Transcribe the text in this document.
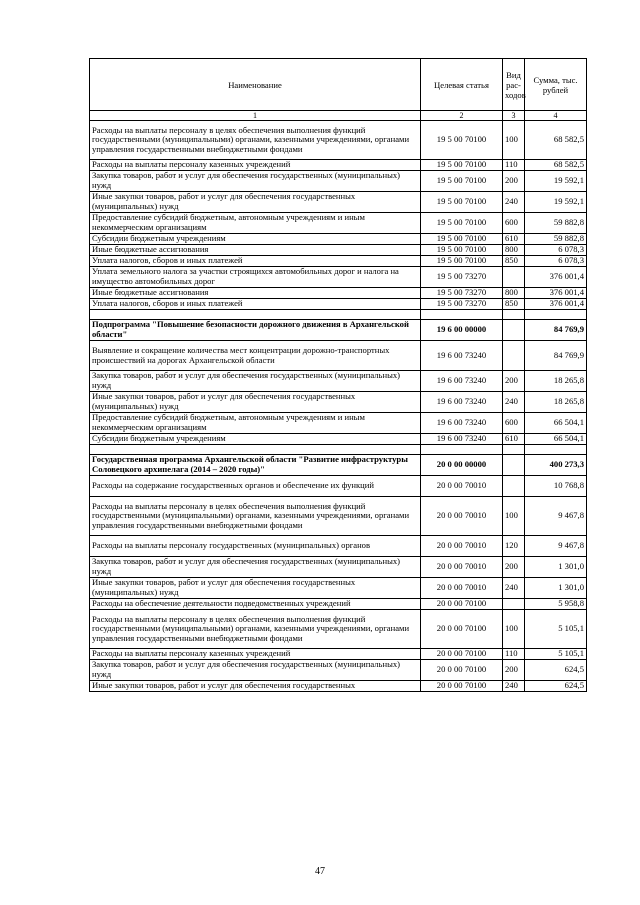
Наименование	Целевая статья	Вид рас-ходов	Сумма, тыс. рублей
1	2	3	4
Расходы на выплаты персоналу в целях обеспечения выполнения функций государственными (муниципальными) органами, казенными учреждениями, органами управления государственными внебюджетными фондами	19 5 00 70100	100	68 582,5
Расходы на выплаты персоналу казенных учреждений	19 5 00 70100	110	68 582,5
Закупка товаров, работ и услуг для обеспечения государственных (муниципальных) нужд	19 5 00 70100	200	19 592,1
Иные закупки товаров, работ и услуг для обеспечения государственных (муниципальных) нужд	19 5 00 70100	240	19 592,1
Предоставление субсидий бюджетным, автономным учреждениям и иным некоммерческим организациям	19 5 00 70100	600	59 882,8
Субсидии бюджетным учреждениям	19 5 00 70100	610	59 882,8
Иные бюджетные ассигнования	19 5 00 70100	800	6 078,3
Уплата налогов, сборов и иных платежей	19 5 00 70100	850	6 078,3
Уплата земельного налога за участки строящихся автомобильных дорог и налога на имущество автомобильных дорог	19 5 00 73270		376 001,4
Иные бюджетные ассигнования	19 5 00 73270	800	376 001,4
Уплата налогов, сборов и иных платежей	19 5 00 73270	850	376 001,4

Подпрограмма "Повышение безопасности дорожного движения в Архангельской области"	19 6 00 00000		84 769,9
Выявление и сокращение количества мест концентрации дорожно-транспортных происшествий на дорогах Архангельской области	19 6 00 73240		84 769,9
Закупка товаров, работ и услуг для обеспечения государственных (муниципальных) нужд	19 6 00 73240	200	18 265,8
Иные закупки товаров, работ и услуг для обеспечения государственных (муниципальных) нужд	19 6 00 73240	240	18 265,8
Предоставление субсидий бюджетным, автономным учреждениям и иным некоммерческим организациям	19 6 00 73240	600	66 504,1
Субсидии бюджетным учреждениям	19 6 00 73240	610	66 504,1

Государственная программа Архангельской области "Развитие инфраструктуры Соловецкого архипелага (2014 – 2020 годы)"	20 0 00 00000		400 273,3
Расходы на содержание государственных органов и обеспечение их функций	20 0 00 70010		10 768,8
Расходы на выплаты персоналу в целях обеспечения выполнения функций государственными (муниципальными) органами, казенными учреждениями, органами управления государственными внебюджетными фондами	20 0 00 70010	100	9 467,8
Расходы на выплаты персоналу государственных (муниципальных) органов	20 0 00 70010	120	9 467,8
Закупка товаров, работ и услуг для обеспечения государственных (муниципальных) нужд	20 0 00 70010	200	1 301,0
Иные закупки товаров, работ и услуг для обеспечения государственных (муниципальных) нужд	20 0 00 70010	240	1 301,0
Расходы на обеспечение деятельности подведомственных учреждений	20 0 00 70100		5 958,8
Расходы на выплаты персоналу в целях обеспечения выполнения функций государственными (муниципальными) органами, казенными учреждениями, органами управления государственными внебюджетными фондами	20 0 00 70100	100	5 105,1
Расходы на выплаты персоналу казенных учреждений	20 0 00 70100	110	5 105,1
Закупка товаров, работ и услуг для обеспечения государственных (муниципальных) нужд	20 0 00 70100	200	624,5
Иные закупки товаров, работ и услуг для обеспечения государственных	20 0 00 70100	240	624,5
47
